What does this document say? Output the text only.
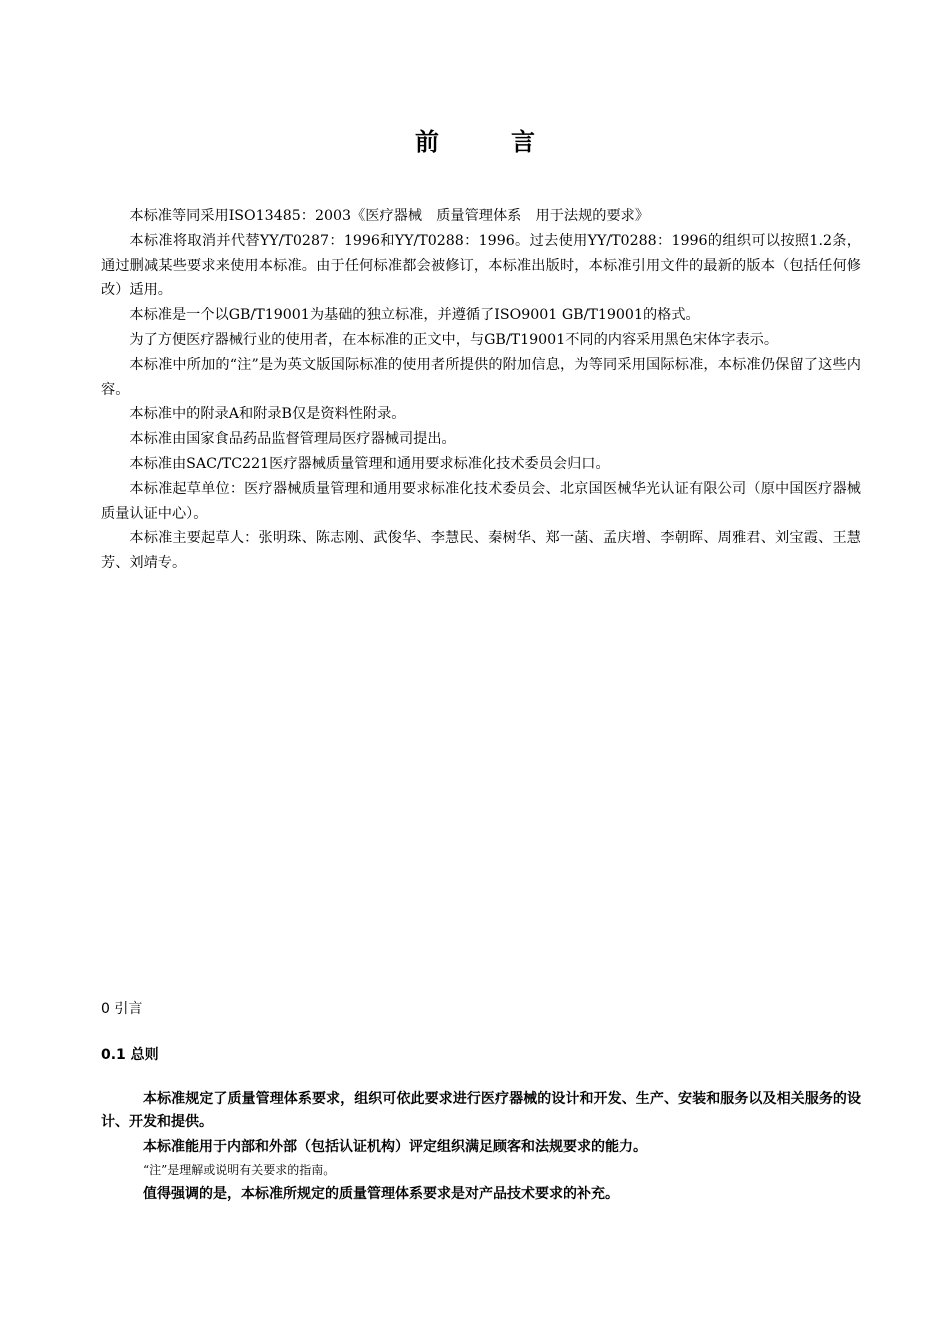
前　言

本标准等同采用ISO13485：2003《医疗器械　质量管理体系　用于法规的要求》

本标准将取消并代替YY/T0287：1996和YY/T0288：1996。过去使用YY/T0288：1996的组织可以按照1.2条，通过删减某些要求来使用本标准。由于任何标准都会被修订，本标准出版时，本标准引用文件的最新的版本（包括任何修改）适用。

本标准是一个以GB/T19001为基础的独立标准，并遵循了ISO9001 GB/T19001的格式。

为了方便医疗器械行业的使用者，在本标准的正文中，与GB/T19001不同的内容采用黑色宋体字表示。

本标准中所加的“注”是为英文版国际标准的使用者所提供的附加信息，为等同采用国际标准，本标准仍保留了这些内容。

本标准中的附录A和附录B仅是资料性附录。

本标准由国家食品药品监督管理局医疗器械司提出。

本标准由SAC/TC221医疗器械质量管理和通用要求标准化技术委员会归口。

本标准起草单位：医疗器械质量管理和通用要求标准化技术委员会、北京国医械华光认证有限公司（原中国医疗器械质量认证中心）。

本标准主要起草人：张明珠、陈志刚、武俊华、李慧民、秦树华、郑一菡、孟庆增、李朝晖、周雅君、刘宝霞、王慧芳、刘靖专。

0 引言
0.1 总则

本标准规定了质量管理体系要求，组织可依此要求进行医疗器械的设计和开发、生产、安装和服务以及相关服务的设计、开发和提供。

本标准能用于内部和外部（包括认证机构）评定组织满足顾客和法规要求的能力。

“注”是理解或说明有关要求的指南。

值得强调的是，本标准所规定的质量管理体系要求是对产品技术要求的补充。
